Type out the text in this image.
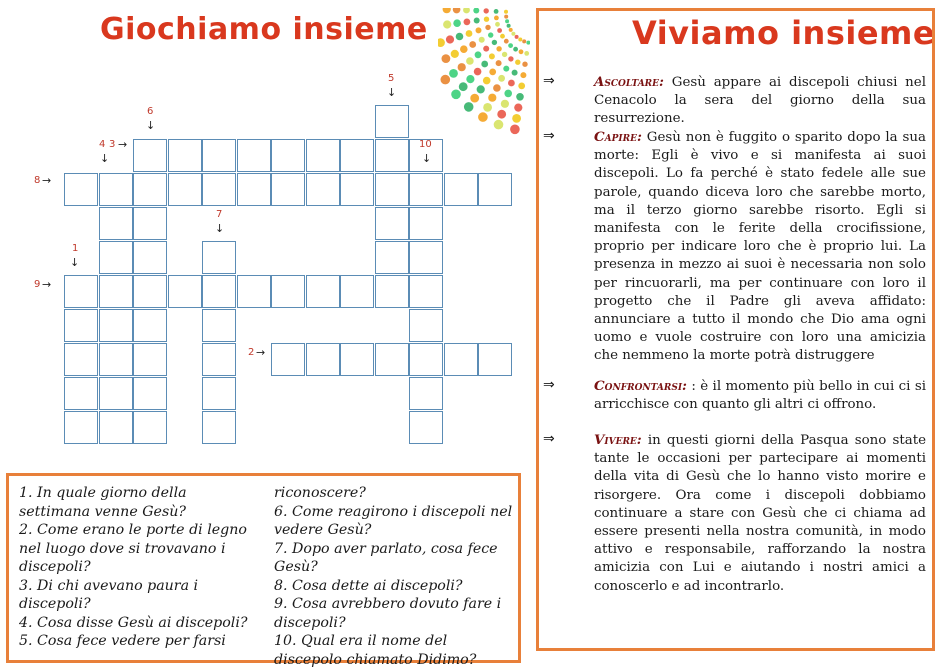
Giochiamo insieme	Viviamo insieme
5
↓
6
↓
4
↓
3 →	10
↓
8 →
7
↓
1
↓
9 →
2 →
1. In quale giorno della settimana venne Gesù?
2. Come erano le porte di legno nel luogo dove si trovavano i discepoli?
3. Di chi avevano paura i discepoli?
4. Cosa disse Gesù ai discepoli?
5. Cosa fece vedere per farsi
riconoscere?
6. Come reagirono i discepoli nel vedere Gesù?
7. Dopo aver parlato, cosa fece Gesù?
8. Cosa dette ai discepoli?
9. Cosa avrebbero dovuto fare i discepoli?
10. Qual era il nome del discepolo chiamato Didimo?
⇒	Ascoltare: Gesù appare ai discepoli chiusi nel Cenacolo la sera del giorno della sua resurrezione.
⇒	Capire: Gesù non è fuggito o sparito dopo la sua morte: Egli è vivo e si manifesta ai suoi discepoli. Lo fa perché è stato fedele alle sue parole, quando diceva loro che sarebbe morto, ma il terzo giorno sarebbe risorto. Egli si manifesta con le ferite della crocifissione, proprio per indicare loro che è proprio lui. La presenza in mezzo ai suoi è necessaria non solo per rincuorarli, ma per continuare con loro il progetto che il Padre gli aveva affidato: annunciare a tutto il mondo che Dio ama ogni uomo e vuole costruire con loro una amicizia che nemmeno la morte potrà distruggere
⇒	Confrontarsi: : è il momento più bello in cui ci si arricchisce con quanto gli altri ci offrono.
⇒	Vivere: in questi giorni della Pasqua sono state tante le occasioni per partecipare ai momenti della vita di Gesù che lo hanno visto morire e risorgere. Ora come i discepoli dobbiamo continuare a stare con Gesù che ci chiama ad essere presenti nella nostra comunità, in modo attivo e responsabile, rafforzando la nostra amicizia con Lui e aiutando i nostri amici a conoscerlo e ad incontrarlo.
